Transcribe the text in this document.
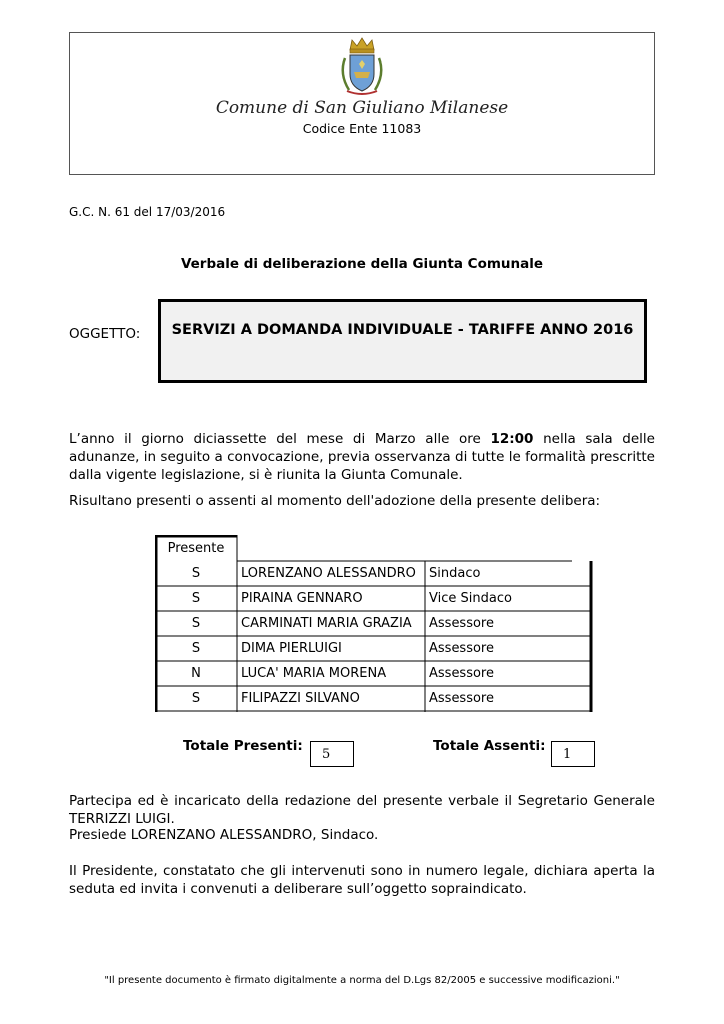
Comune di San Giuliano Milanese
Codice Ente 11083
G.C. N. 61 del 17/03/2016
Verbale di deliberazione della Giunta Comunale
OGGETTO:	SERVIZI A DOMANDA INDIVIDUALE - TARIFFE ANNO 2016
L’anno il giorno diciassette del mese di Marzo alle ore 12:00 nella sala delle adunanze, in seguito a convocazione, previa osservanza di tutte le formalità prescritte dalla vigente legislazione, si è riunita la Giunta Comunale.
Risultano presenti o assenti al momento dell'adozione della presente delibera:
Presente
S	LORENZANO ALESSANDRO	Sindaco
S	PIRAINA GENNARO	Vice Sindaco
S	CARMINATI MARIA GRAZIA	Assessore
S	DIMA PIERLUIGI	Assessore
N	LUCA' MARIA MORENA	Assessore
S	FILIPAZZI SILVANO	Assessore
Totale Presenti:
5
Totale Assenti:
1
Partecipa ed è incaricato della redazione del presente verbale il Segretario Generale TERRIZZI LUIGI.
Presiede LORENZANO ALESSANDRO, Sindaco.
Il Presidente, constatato che gli intervenuti sono in numero legale, dichiara aperta la seduta ed invita i convenuti a deliberare sull’oggetto sopraindicato.
"Il presente documento è firmato digitalmente a norma del D.Lgs 82/2005 e successive modificazioni."
